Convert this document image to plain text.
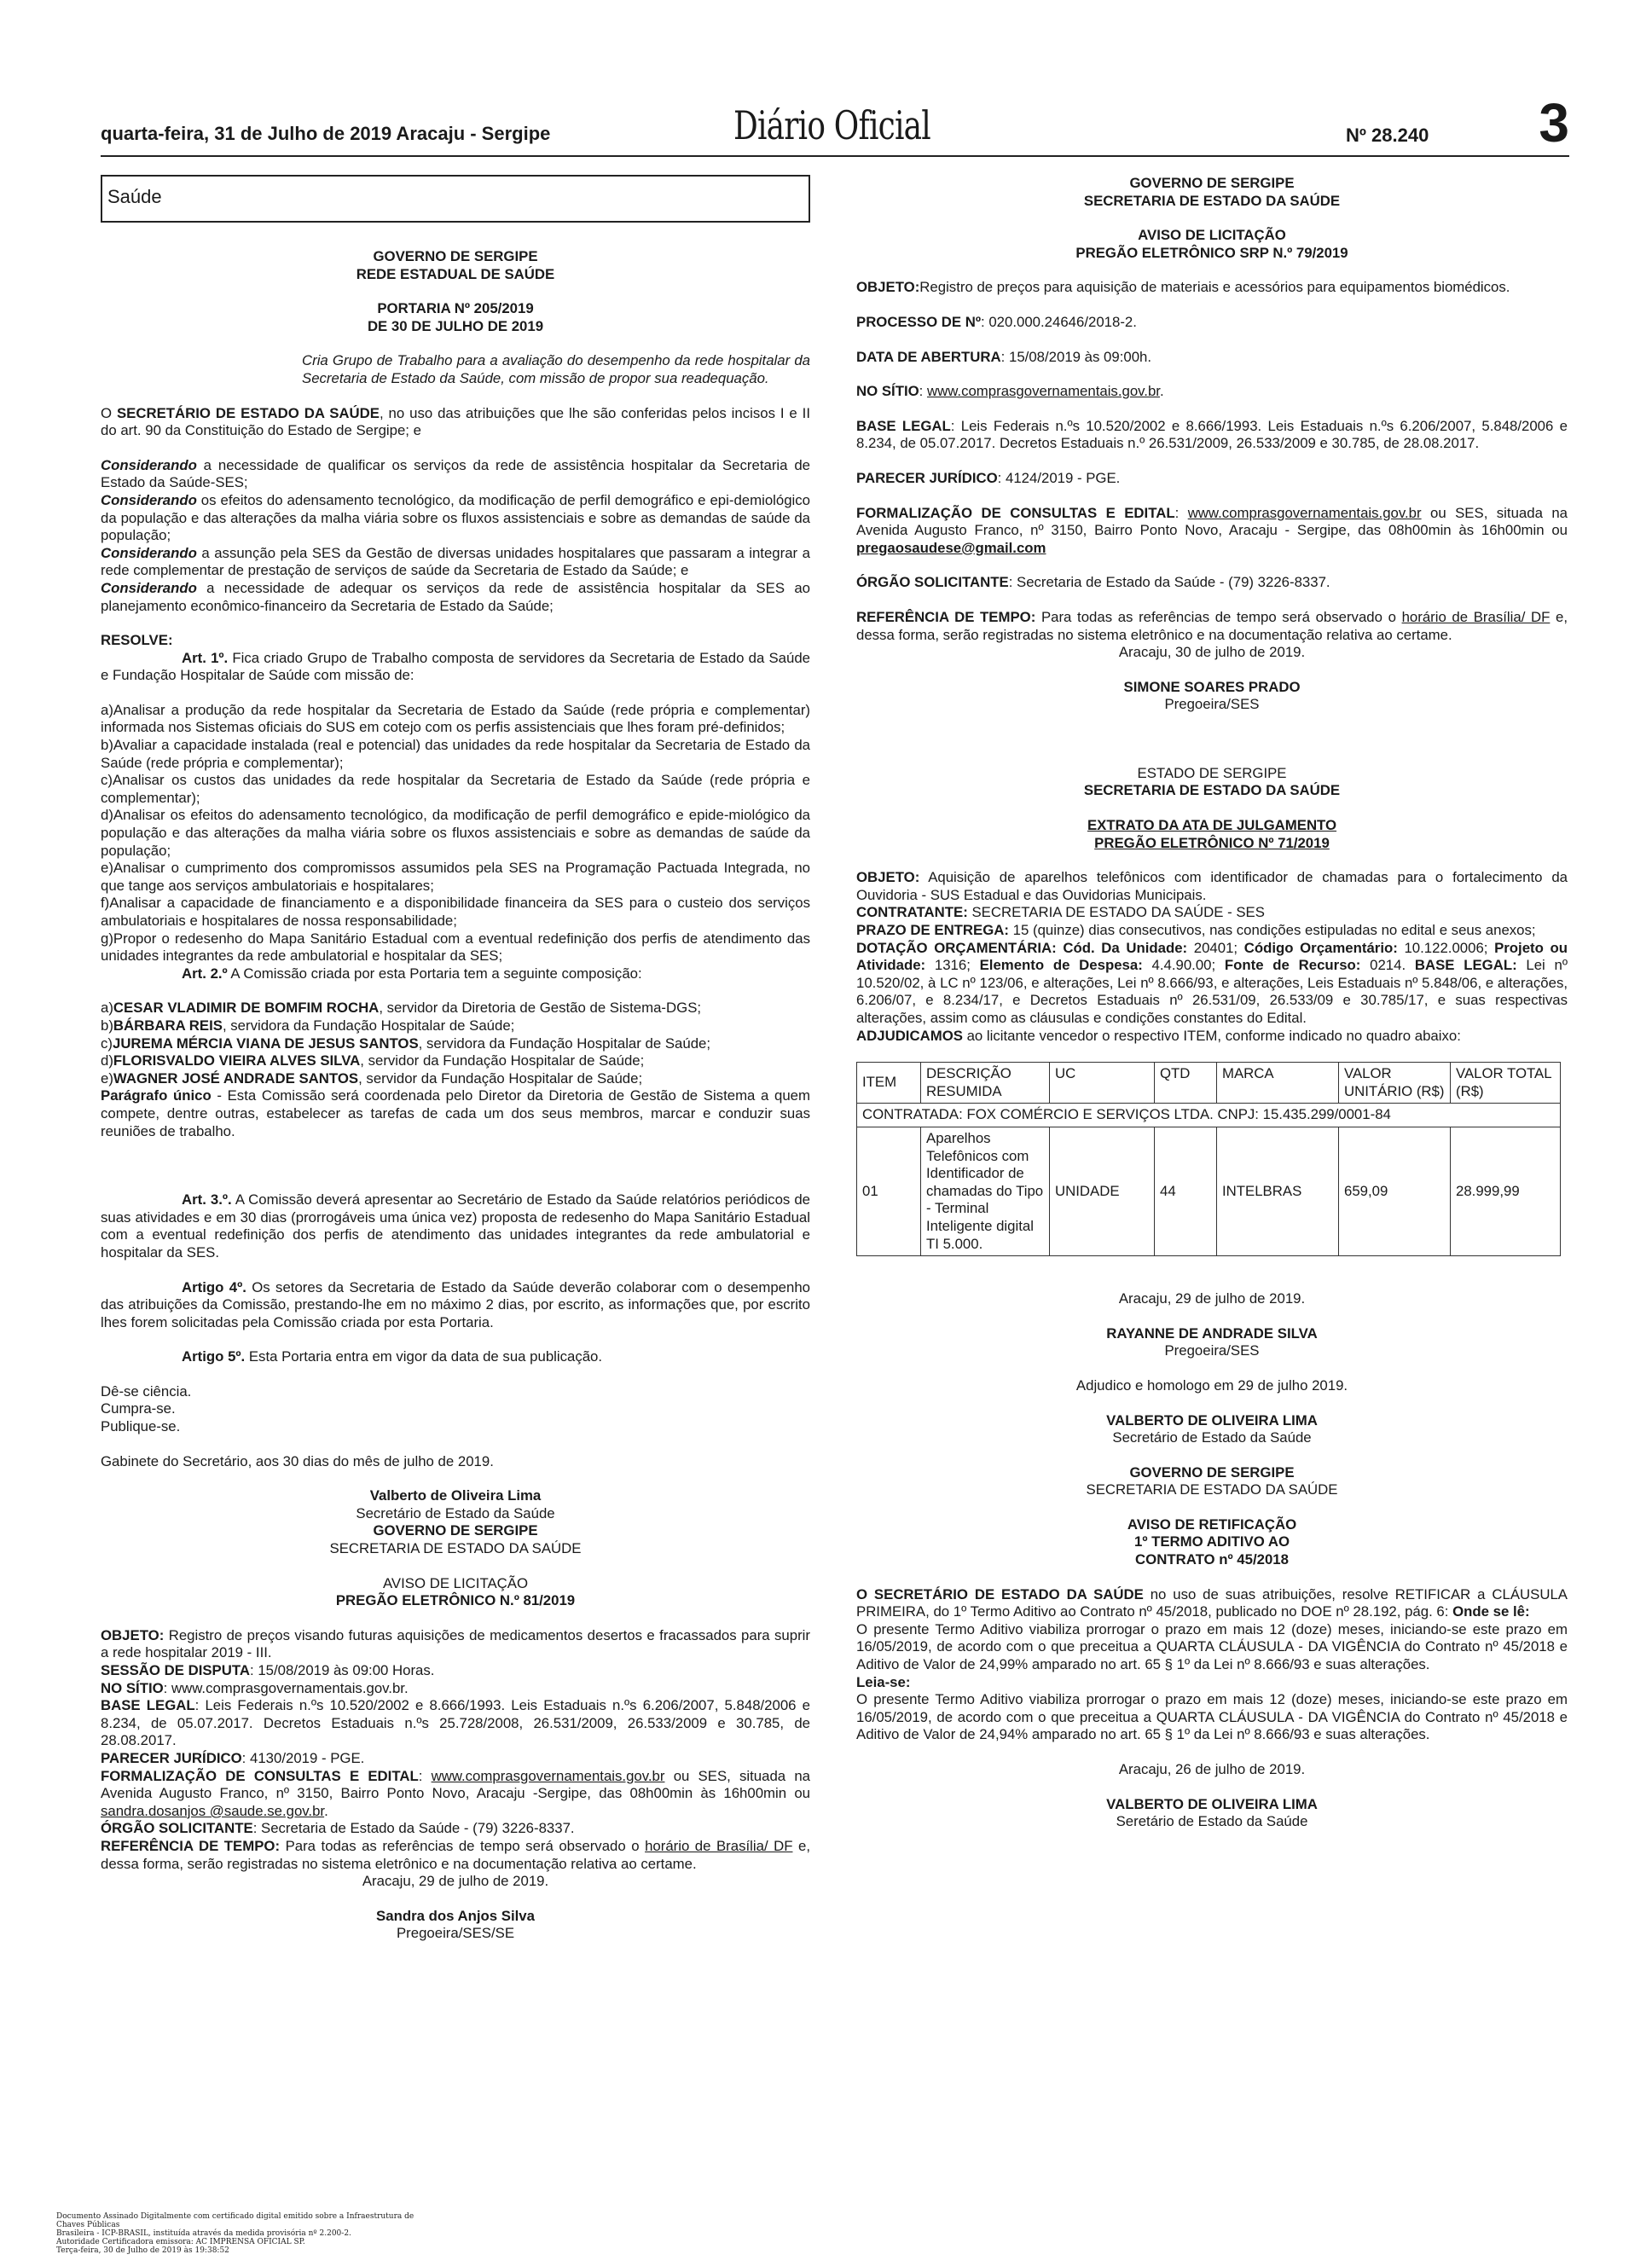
quarta-feira, 31 de Julho de 2019 Aracaju - Sergipe	Diário Oficial	Nº 28.240 3
Saúde

GOVERNO DE SERGIPE

REDE ESTADUAL DE SAÚDE

PORTARIA Nº 205/2019

DE 30 DE JULHO DE 2019

Cria Grupo de Trabalho para a avaliação do desempenho da rede hospitalar da Secretaria de Estado da Saúde, com missão de propor sua readequação.

O SECRETÁRIO DE ESTADO DA SAÚDE, no uso das atribuições que lhe são conferidas pelos incisos I e II do art. 90 da Constituição do Estado de Sergipe; e

Considerando a necessidade de qualificar os serviços da rede de assistência hospitalar da Secretaria de Estado da Saúde-SES;

Considerando os efeitos do adensamento tecnológico, da modificação de perfil demográfico e epi-demiológico da população e das alterações da malha viária sobre os fluxos assistenciais e sobre as demandas de saúde da população;

Considerando a assunção pela SES da Gestão de diversas unidades hospitalares que passaram a integrar a rede complementar de prestação de serviços de saúde da Secretaria de Estado da Saúde; e

Considerando a necessidade de adequar os serviços da rede de assistência hospitalar da SES ao planejamento econômico-financeiro da Secretaria de Estado da Saúde;

RESOLVE:

Art. 1º. Fica criado Grupo de Trabalho composta de servidores da Secretaria de Estado da Saúde e Fundação Hospitalar de Saúde com missão de:

a)Analisar a produção da rede hospitalar da Secretaria de Estado da Saúde (rede própria e complementar) informada nos Sistemas oficiais do SUS em cotejo com os perfis assistenciais que lhes foram pré-definidos;

b)Avaliar a capacidade instalada (real e potencial) das unidades da rede hospitalar da Secretaria de Estado da Saúde (rede própria e complementar);

c)Analisar os custos das unidades da rede hospitalar da Secretaria de Estado da Saúde (rede própria e complementar);

d)Analisar os efeitos do adensamento tecnológico, da modificação de perfil demográfico e epide-miológico da população e das alterações da malha viária sobre os fluxos assistenciais e sobre as demandas de saúde da população;

e)Analisar o cumprimento dos compromissos assumidos pela SES na Programação Pactuada Integrada, no que tange aos serviços ambulatoriais e hospitalares;

f)Analisar a capacidade de financiamento e a disponibilidade financeira da SES para o custeio dos serviços ambulatoriais e hospitalares de nossa responsabilidade;

g)Propor o redesenho do Mapa Sanitário Estadual com a eventual redefinição dos perfis de atendimento das unidades integrantes da rede ambulatorial e hospitalar da SES;

Art. 2.º A Comissão criada por esta Portaria tem a seguinte composição:

a)CESAR VLADIMIR DE BOMFIM ROCHA, servidor da Diretoria de Gestão de Sistema-DGS;

b)BÁRBARA REIS, servidora da Fundação Hospitalar de Saúde;

c)JUREMA MÉRCIA VIANA DE JESUS SANTOS, servidora da Fundação Hospitalar de Saúde;

d)FLORISVALDO VIEIRA ALVES SILVA, servidor da Fundação Hospitalar de Saúde;

e)WAGNER JOSÉ ANDRADE SANTOS, servidor da Fundação Hospitalar de Saúde;

Parágrafo único - Esta Comissão será coordenada pelo Diretor da Diretoria de Gestão de Sistema a quem compete, dentre outras, estabelecer as tarefas de cada um dos seus membros, marcar e conduzir suas reuniões de trabalho.

Art. 3.º. A Comissão deverá apresentar ao Secretário de Estado da Saúde relatórios periódicos de suas atividades e em 30 dias (prorrogáveis uma única vez) proposta de redesenho do Mapa Sanitário Estadual com a eventual redefinição dos perfis de atendimento das unidades integrantes da rede ambulatorial e hospitalar da SES.

Artigo 4º. Os setores da Secretaria de Estado da Saúde deverão colaborar com o desempenho das atribuições da Comissão, prestando-lhe em no máximo 2 dias, por escrito, as informações que, por escrito lhes forem solicitadas pela Comissão criada por esta Portaria.

Artigo 5º. Esta Portaria entra em vigor da data de sua publicação.

Dê-se ciência.

Cumpra-se.

Publique-se.

Gabinete do Secretário, aos 30 dias do mês de julho de 2019.

Valberto de Oliveira Lima

Secretário de Estado da Saúde

GOVERNO DE SERGIPE

SECRETARIA DE ESTADO DA SAÚDE

AVISO DE LICITAÇÃO

PREGÃO ELETRÔNICO N.º 81/2019

OBJETO: Registro de preços visando futuras aquisições de medicamentos desertos e fracassados para suprir a rede hospitalar 2019 - III.

SESSÃO DE DISPUTA: 15/08/2019 às 09:00 Horas.

NO SÍTIO: www.comprasgovernamentais.gov.br.

BASE LEGAL: Leis Federais n.ºs 10.520/2002 e 8.666/1993. Leis Estaduais n.ºs 6.206/2007, 5.848/2006 e 8.234, de 05.07.2017. Decretos Estaduais n.ºs 25.728/2008, 26.531/2009, 26.533/2009 e 30.785, de 28.08.2017.

PARECER JURÍDICO: 4130/2019 - PGE.

FORMALIZAÇÃO DE CONSULTAS E EDITAL: www.comprasgovernamentais.gov.br ou SES, situada na Avenida Augusto Franco, nº 3150, Bairro Ponto Novo, Aracaju -Sergipe, das 08h00min às 16h00min ou sandra.dosanjos @saude.se.gov.br.

ÓRGÃO SOLICITANTE: Secretaria de Estado da Saúde - (79) 3226-8337.

REFERÊNCIA DE TEMPO: Para todas as referências de tempo será observado o horário de Brasília/ DF e, dessa forma, serão registradas no sistema eletrônico e na documentação relativa ao certame.

Aracaju, 29 de julho de 2019.

Sandra dos Anjos Silva

Pregoeira/SES/SE

GOVERNO DE SERGIPE

SECRETARIA DE ESTADO DA SAÚDE

AVISO DE LICITAÇÃO

PREGÃO ELETRÔNICO SRP N.º 79/2019

OBJETO:Registro de preços para aquisição de materiais e acessórios para equipamentos biomédicos.

PROCESSO DE Nº: 020.000.24646/2018-2.

DATA DE ABERTURA: 15/08/2019 às 09:00h.

NO SÍTIO: www.comprasgovernamentais.gov.br.

BASE LEGAL: Leis Federais n.ºs 10.520/2002 e 8.666/1993. Leis Estaduais n.ºs 6.206/2007, 5.848/2006 e 8.234, de 05.07.2017. Decretos Estaduais n.º 26.531/2009, 26.533/2009 e 30.785, de 28.08.2017.

PARECER JURÍDICO: 4124/2019 - PGE.

FORMALIZAÇÃO DE CONSULTAS E EDITAL: www.comprasgovernamentais.gov.br ou SES, situada na Avenida Augusto Franco, nº 3150, Bairro Ponto Novo, Aracaju - Sergipe, das 08h00min às 16h00min ou pregaosaudese@gmail.com

ÓRGÃO SOLICITANTE: Secretaria de Estado da Saúde - (79) 3226-8337.

REFERÊNCIA DE TEMPO: Para todas as referências de tempo será observado o horário de Brasília/ DF e, dessa forma, serão registradas no sistema eletrônico e na documentação relativa ao certame.

Aracaju, 30 de julho de 2019.

SIMONE SOARES PRADO

Pregoeira/SES

ESTADO DE SERGIPE

SECRETARIA DE ESTADO DA SAÚDE

EXTRATO DA ATA DE JULGAMENTO

PREGÃO ELETRÔNICO Nº 71/2019

OBJETO: Aquisição de aparelhos telefônicos com identificador de chamadas para o fortalecimento da Ouvidoria - SUS Estadual e das Ouvidorias Municipais.

CONTRATANTE: SECRETARIA DE ESTADO DA SAÚDE - SES

PRAZO DE ENTREGA: 15 (quinze) dias consecutivos, nas condições estipuladas no edital e seus anexos;

DOTAÇÃO ORÇAMENTÁRIA: Cód. Da Unidade: 20401; Código Orçamentário: 10.122.0006; Projeto ou Atividade: 1316; Elemento de Despesa: 4.4.90.00; Fonte de Recurso: 0214. BASE LEGAL: Lei nº 10.520/02, à LC nº 123/06, e alterações, Lei nº 8.666/93, e alterações, Leis Estaduais nº 5.848/06, e alterações, 6.206/07, e 8.234/17, e Decretos Estaduais nº 26.531/09, 26.533/09 e 30.785/17, e suas respectivas alterações, assim como as cláusulas e condições constantes do Edital.

ADJUDICAMOS ao licitante vencedor o respectivo ITEM, conforme indicado no quadro abaixo:

ITEM	DESCRIÇÃO RESUMIDA	UC	QTD	MARCA	VALOR UNITÁRIO (R$)	VALOR TOTAL (R$)
CONTRATADA: FOX COMÉRCIO E SERVIÇOS LTDA. CNPJ: 15.435.299/0001-84						
01	Aparelhos Telefônicos com Identificador de chamadas do Tipo - Terminal Inteligente digital TI 5.000.	UNIDADE	44	INTELBRAS	659,09	28.999,99

Aracaju, 29 de julho de 2019.

RAYANNE DE ANDRADE SILVA

Pregoeira/SES

Adjudico e homologo em 29 de julho 2019.

VALBERTO DE OLIVEIRA LIMA

Secretário de Estado da Saúde

GOVERNO DE SERGIPE

SECRETARIA DE ESTADO DA SAÚDE

AVISO DE RETIFICAÇÃO

1º TERMO ADITIVO AO

CONTRATO nº 45/2018

O SECRETÁRIO DE ESTADO DA SAÚDE no uso de suas atribuições, resolve RETIFICAR a CLÁUSULA PRIMEIRA, do 1º Termo Aditivo ao Contrato nº 45/2018, publicado no DOE nº 28.192, pág. 6: Onde se lê:

O presente Termo Aditivo viabiliza prorrogar o prazo em mais 12 (doze) meses, iniciando-se este prazo em 16/05/2019, de acordo com o que preceitua a QUARTA CLÁUSULA - DA VIGÊNCIA do Contrato nº 45/2018 e Aditivo de Valor de 24,99% amparado no art. 65 § 1º da Lei nº 8.666/93 e suas alterações.

Leia-se:

O presente Termo Aditivo viabiliza prorrogar o prazo em mais 12 (doze) meses, iniciando-se este prazo em 16/05/2019, de acordo com o que preceitua a QUARTA CLÁUSULA - DA VIGÊNCIA do Contrato nº 45/2018 e Aditivo de Valor de 24,94% amparado no art. 65 § 1º da Lei nº 8.666/93 e suas alterações.

Aracaju, 26 de julho de 2019.

VALBERTO DE OLIVEIRA LIMA

Seretário de Estado da Saúde

Documento Assinado Digitalmente com certificado digital emitido sobre a Infraestrutura de Chaves Públicas
Brasileira - ICP-BRASIL, instituída através da medida provisória nº 2.200-2.
Autoridade Certificadora emissora: AC IMPRENSA OFICIAL SP.
Terça-feira, 30 de Julho de 2019 às 19:38:52
